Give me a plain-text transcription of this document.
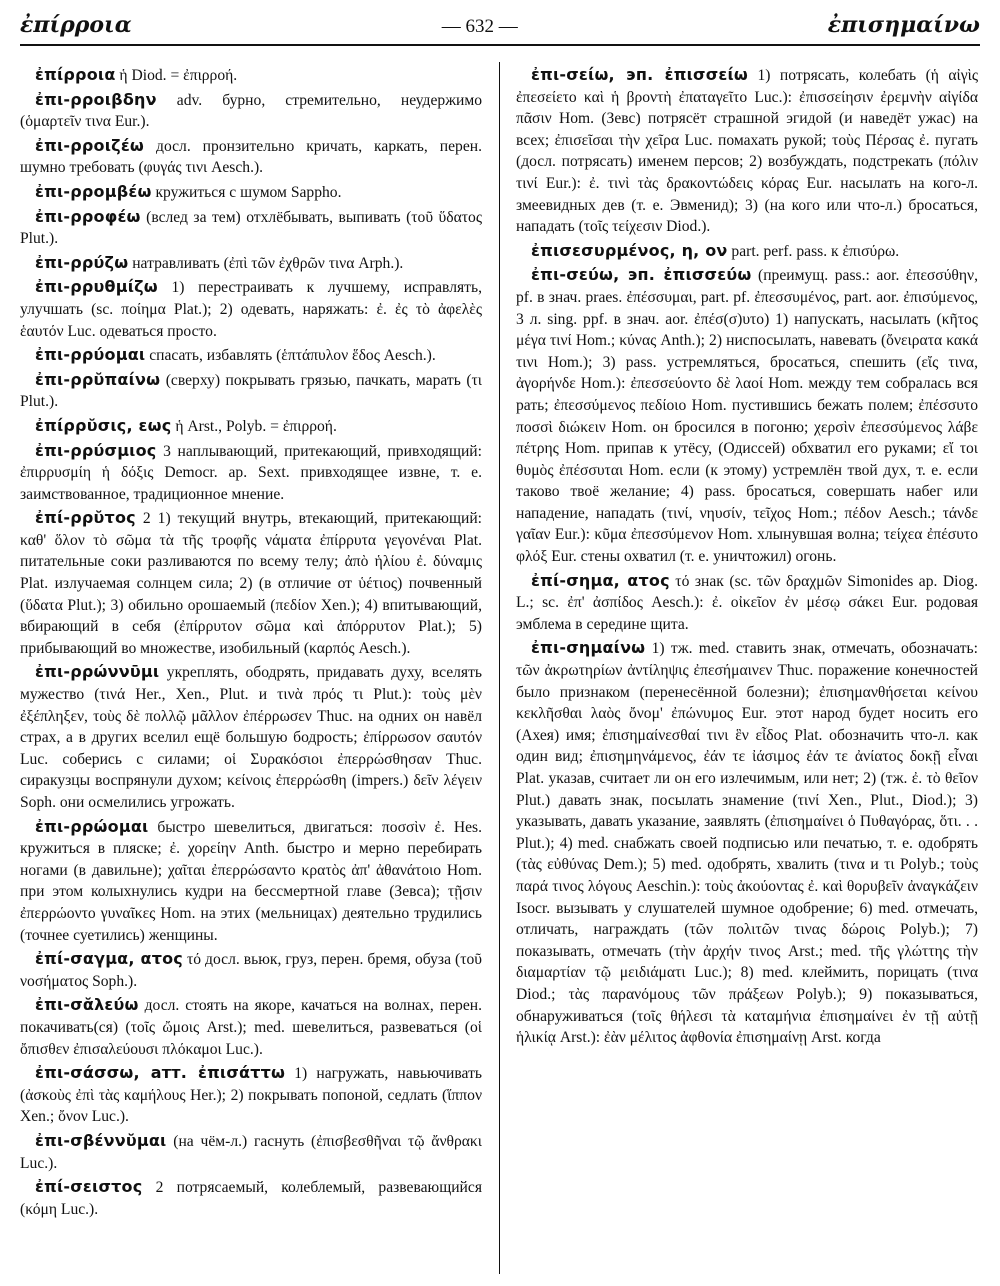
ἐπίρροια	— 632 —	ἐπισημαίνω

ἐπίρροια ἡ Diod. = ἐπιρροή.

ἐπι-ρροιβδην adv. бурно, стремительно, неудержимо (ὁμαρτεῖν τινα Eur.).

ἐπι-ρροιζέω досл. пронзительно кричать, каркать, перен. шумно требовать (φυγάς τινι Aesch.).

ἐπι-ρρομβέω кружиться с шумом Sappho.

ἐπι-ρροφέω (вслед за тем) отхлёбывать, выпивать (τοῦ ὕδατος Plut.).

ἐπι-ρρύζω натравливать (ἐπὶ τῶν ἐχθρῶν τινα Arph.).

ἐπι-ρρυθμίζω 1) перестраивать к лучшему, исправлять, улучшать (sc. ποίημα Plat.); 2) одевать, наряжать: ἐ. ἐς τὸ ἀφελὲς ἑαυτόν Luc. одеваться просто.

ἐπι-ρρύομαι спасать, избавлять (ἑπτάπυλον ἕδος Aesch.).

ἐπι-ρρῠπαίνω (сверху) покрывать грязью, пачкать, марать (τι Plut.).

ἐπίρρῠσις, εως ἡ Arst., Polyb. = ἐπιρροή.

ἐπι-ρρύσμιος 3 наплывающий, притекающий, привходящий: ἐπιρρυσμίη ἡ δόξις Democr. ap. Sext. привходящее извне, т. е. заимствованное, традиционное мнение.

ἐπί-ρρῠτος 2 1) текущий внутрь, втекающий, притекающий: καθ' ὅλον τὸ σῶμα τὰ τῆς τροφῆς νάματα ἐπίρρυτα γεγονέναι Plat. питательные соки разливаются по всему телу; ἀπὸ ἡλίου ἐ. δύναμις Plat. излучаемая солнцем сила; 2) (в отличие от ὑέτιος) почвенный (ὕδατα Plut.); 3) обильно орошаемый (πεδίον Xen.); 4) впитывающий, вбирающий в себя (ἐπίρρυτον σῶμα καὶ ἀπόρρυτον Plat.); 5) прибывающий во множестве, изобильный (καρπός Aesch.).

ἐπι-ρρώννῡμι укреплять, ободрять, придавать духу, вселять мужество (τινά Her., Xen., Plut. и τινὰ πρός τι Plut.): τοὺς μὲν ἐξέπληξεν, τοὺς δὲ πολλῷ μᾶλλον ἐπέρρωσεν Thuc. на одних он навёл страх, а в других вселил ещё большую бодрость; ἐπίρρωσον σαυτόν Luc. соберись с силами; οἱ Συρακόσιοι ἐπερρώσθησαν Thuc. сиракузцы воспрянули духом; κείνοις ἐπερρώσθη (impers.) δεῖν λέγειν Soph. они осмелились угрожать.

ἐπι-ρρώομαι быстро шевелиться, двигаться: ποσσὶν ἐ. Hes. кружиться в пляске; ἐ. χορείην Anth. быстро и мерно перебирать ногами (в давильне); χαῖται ἐπερρώσαντο κρατὸς ἀπ' ἀθανάτοιο Hom. при этом колыхнулись кудри на бессмертной главе (Зевса); τῇσιν ἐπερρώοντο γυναῖκες Hom. на этих (мельницах) деятельно трудились (точнее суетились) женщины.

ἐπί-σαγμα, ατος τό досл. вьюк, груз, перен. бремя, обуза (τοῦ νοσήματος Soph.).

ἐπι-σᾰλεύω досл. стоять на якоре, качаться на волнах, перен. покачивать(ся) (τοῖς ὤμοις Arst.); med. шевелиться, развеваться (οἱ ὄπισθεν ἐπισαλεύουσι πλόκαμοι Luc.).

ἐπι-σάσσω, атт. ἐπισάττω 1) нагружать, навьючивать (ἀσκοὺς ἐπὶ τὰς καμήλους Her.); 2) покрывать попоной, седлать (ἵππον Xen.; ὄνον Luc.).

ἐπι-σβέννῠμαι (на чём-л.) гаснуть (ἐπισβεσθῆναι τῷ ἄνθρακι Luc.).

ἐπί-σειστος 2 потрясаемый, колеблемый, развевающийся (κόμη Luc.).

ἐπι-σείω, эп. ἐπισσείω 1) потрясать, колебать (ἡ αἰγὶς ἐπεσείετο καὶ ἡ βροντὴ ἐπαταγεῖτο Luc.): ἐπισσείησιν ἐρεμνὴν αἰγίδα πᾶσιν Hom. (Зевс) потрясёт страшной эгидой (и наведёт ужас) на всех; ἐπισεῖσαι τὴν χεῖρα Luc. помахать рукой; τοὺς Πέρσας ἐ. пугать (досл. потрясать) именем персов; 2) возбуждать, подстрекать (πόλιν τινί Eur.): ἐ. τινὶ τὰς δρακοντώδεις κόρας Eur. насылать на кого-л. змеевидных дев (т. е. Эвменид); 3) (на кого или что-л.) бросаться, нападать (τοῖς τείχεσιν Diod.).

ἐπισεσυρμένος, η, ον part. perf. pass. к ἐπισύρω.

ἐπι-σεύω, эп. ἐπισσεύω (преимущ. pass.: aor. ἐπεσσύθην, pf. в знач. praes. ἐπέσσυμαι, part. pf. ἐπεσσυμένος, part. aor. ἐπισύμενος, 3 л. sing. ppf. в знач. aor. ἐπέσ(σ)υτο) 1) напускать, насылать (κῆτος μέγα τινί Hom.; κύνας Anth.); 2) ниспосылать, навевать (ὄνειρατα κακά τινι Hom.); 3) pass. устремляться, бросаться, спешить (εἴς τινα, ἀγορήνδε Hom.): ἐπεσσεύοντο δὲ λαοί Hom. между тем собралась вся рать; ἐπεσσύμενος πεδίοιο Hom. пустившись бежать полем; ἐπέσσυτο ποσσὶ διώκειν Hom. он бросился в погоню; χερσὶν ἐπεσσύμενος λάβε πέτρης Hom. припав к утёсу, (Одиссей) обхватил его руками; εἴ τοι θυμὸς ἐπέσσυται Hom. если (к этому) устремлён твой дух, т. е. если таково твоё желание; 4) pass. бросаться, совершать набег или нападение, нападать (τινί, νηυσίν, τεῖχος Hom.; πέδον Aesch.; τάνδε γαῖαν Eur.): κῦμα ἐπεσσύμενον Hom. хлынувшая волна; τείχεα ἐπέσυτο φλόξ Eur. стены охватил (т. е. уничтожил) огонь.

ἐπί-σημα, ατος τό знак (sc. τῶν δραχμῶν Simonides ap. Diog. L.; sc. ἐπ' ἀσπίδος Aesch.): ἐ. οἰκεῖον ἐν μέσῳ σάκει Eur. родовая эмблема в середине щита.

ἐπι-σημαίνω 1) тж. med. ставить знак, отмечать, обозначать: τῶν ἀκρωτηρίων ἀντίληψις ἐπεσήμαινεν Thuc. поражение конечностей было признаком (перенесённой болезни); ἐπισημανθήσεται κείνου κεκλῆσθαι λαὸς ὄνομ' ἐπώνυμος Eur. этот народ будет носить его (Ахея) имя; ἐπισημαίνεσθαί τινι ἓν εἶδος Plat. обозначить что-л. как один вид; ἐπισημηνάμενος, ἐάν τε ἰάσιμος ἐάν τε ἀνίατος δοκῇ εἶναι Plat. указав, считает ли он его излечимым, или нет; 2) (тж. ἐ. τὸ θεῖον Plut.) давать знак, посылать знамение (τινί Xen., Plut., Diod.); 3) указывать, давать указание, заявлять (ἐπισημαίνει ὁ Πυθαγόρας, ὅτι. . . Plut.); 4) med. снабжать своей подписью или печатью, т. е. одобрять (τὰς εὐθύνας Dem.); 5) med. одобрять, хвалить (τινα и τι Polyb.; τοὺς παρά τινος λόγους Aeschin.): τοὺς ἀκούοντας ἐ. καὶ θορυβεῖν ἀναγκάζειν Isocr. вызывать у слушателей шумное одобрение; 6) med. отмечать, отличать, награждать (τῶν πολιτῶν τινας δώροις Polyb.); 7) показывать, отмечать (τὴν ἀρχήν τινος Arst.; med. τῆς γλώττης τὴν διαμαρτίαν τῷ μειδιάματι Luc.); 8) med. клеймить, порицать (τινα Diod.; τὰς παρανόμους τῶν πράξεων Polyb.); 9) показываться, обнаруживаться (τοῖς θήλεσι τὰ καταμήνια ἐπισημαίνει ἐν τῇ αὐτῇ ἡλικίᾳ Arst.): ἐὰν μέλιτος ἀφθονία ἐπισημαίνῃ Arst. когда
